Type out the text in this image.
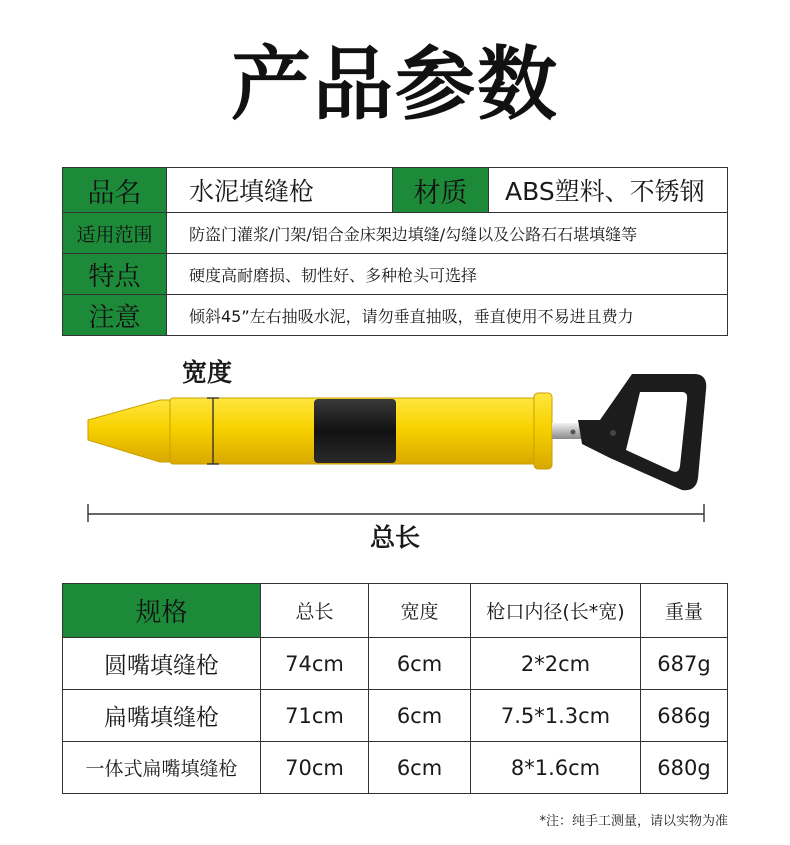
产品参数
品名	水泥填缝枪	材质	ABS塑料、不锈钢
适用范围	防盗门灌浆/门架/铝合金床架边填缝/勾缝以及公路石石堪填缝等		
特点	硬度高耐磨损、韧性好、多种枪头可选择		
注意	倾斜45”左右抽吸水泥，请勿垂直抽吸，垂直使用不易进且费力		
宽度
总长
规格	总长	宽度	枪口内径(长*宽)	重量
圆嘴填缝枪	74cm	6cm	2*2cm	687g
扁嘴填缝枪	71cm	6cm	7.5*1.3cm	686g
一体式扁嘴填缝枪	70cm	6cm	8*1.6cm	680g
*注：纯手工测量，请以实物为准
